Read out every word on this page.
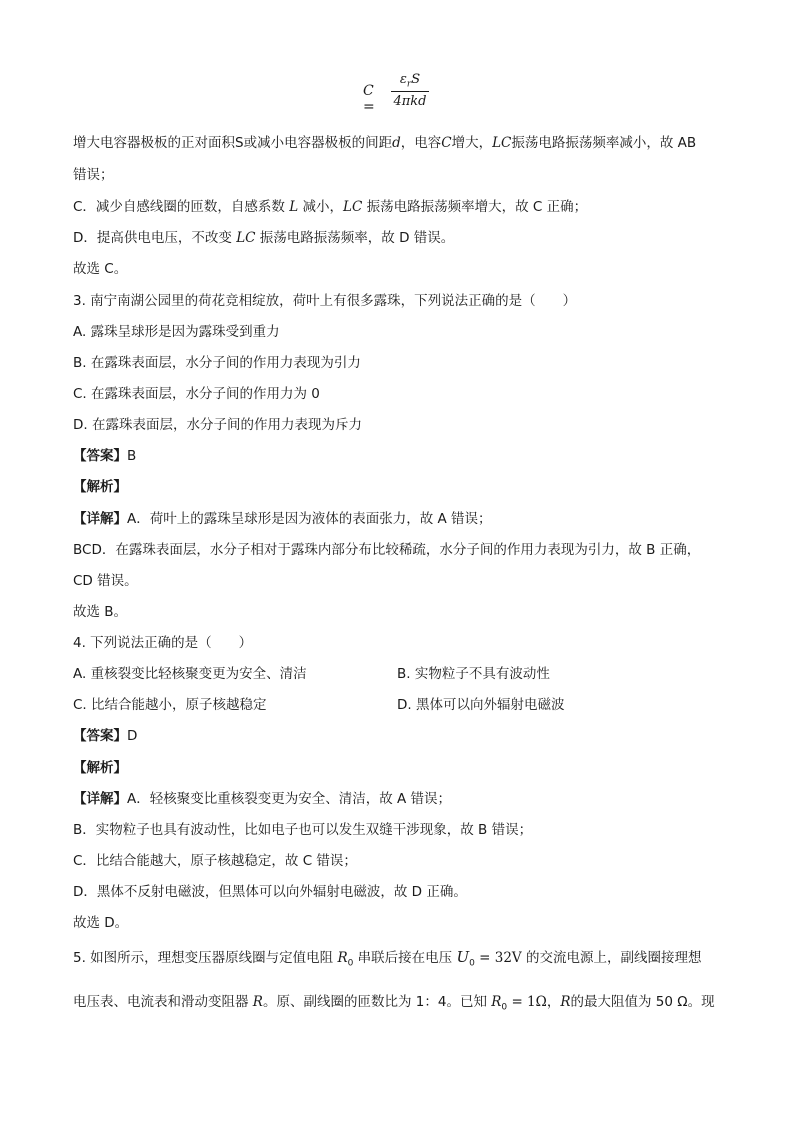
C =
$\varepsilon_rS$
4πkd
增大电容器极板的正对面积S或减小电容器极板的间距d，电容C增大，LC振荡电路振荡频率减小，故 AB
错误；
C．减少自感线圈的匝数，自感系数 L 减小，LC 振荡电路振荡频率增大，故 C 正确；
D．提高供电电压，不改变 LC 振荡电路振荡频率，故 D 错误。
故选 C。
3. 南宁南湖公园里的荷花竞相绽放，荷叶上有很多露珠，下列说法正确的是（　　）
A. 露珠呈球形是因为露珠受到重力
B. 在露珠表面层，水分子间的作用力表现为引力
C. 在露珠表面层，水分子间的作用力为 0
D. 在露珠表面层，水分子间的作用力表现为斥力
【答案】B
【解析】
【详解】A．荷叶上的露珠呈球形是因为液体的表面张力，故 A 错误；
BCD．在露珠表面层，水分子相对于露珠内部分布比较稀疏，水分子间的作用力表现为引力，故 B 正确，
CD 错误。
故选 B。
4. 下列说法正确的是（　　）
A. 重核裂变比轻核聚变更为安全、清洁	B. 实物粒子不具有波动性
C. 比结合能越小，原子核越稳定	D. 黑体可以向外辐射电磁波
【答案】D
【解析】
【详解】A．轻核聚变比重核裂变更为安全、清洁，故 A 错误；
B．实物粒子也具有波动性，比如电子也可以发生双缝干涉现象，故 B 错误；
C．比结合能越大，原子核越稳定，故 C 错误；
D．黑体不反射电磁波，但黑体可以向外辐射电磁波，故 D 正确。
故选 D。
5. 如图所示，理想变压器原线圈与定值电阻 $R_0$ 串联后接在电压 $U_0 = 32V$ 的交流电源上，副线圈接理想
电压表、电流表和滑动变阻器 R。原、副线圈的匝数比为 1：4。已知 $R_0 = 1\Omega$，R的最大阻值为 50 Ω。现
